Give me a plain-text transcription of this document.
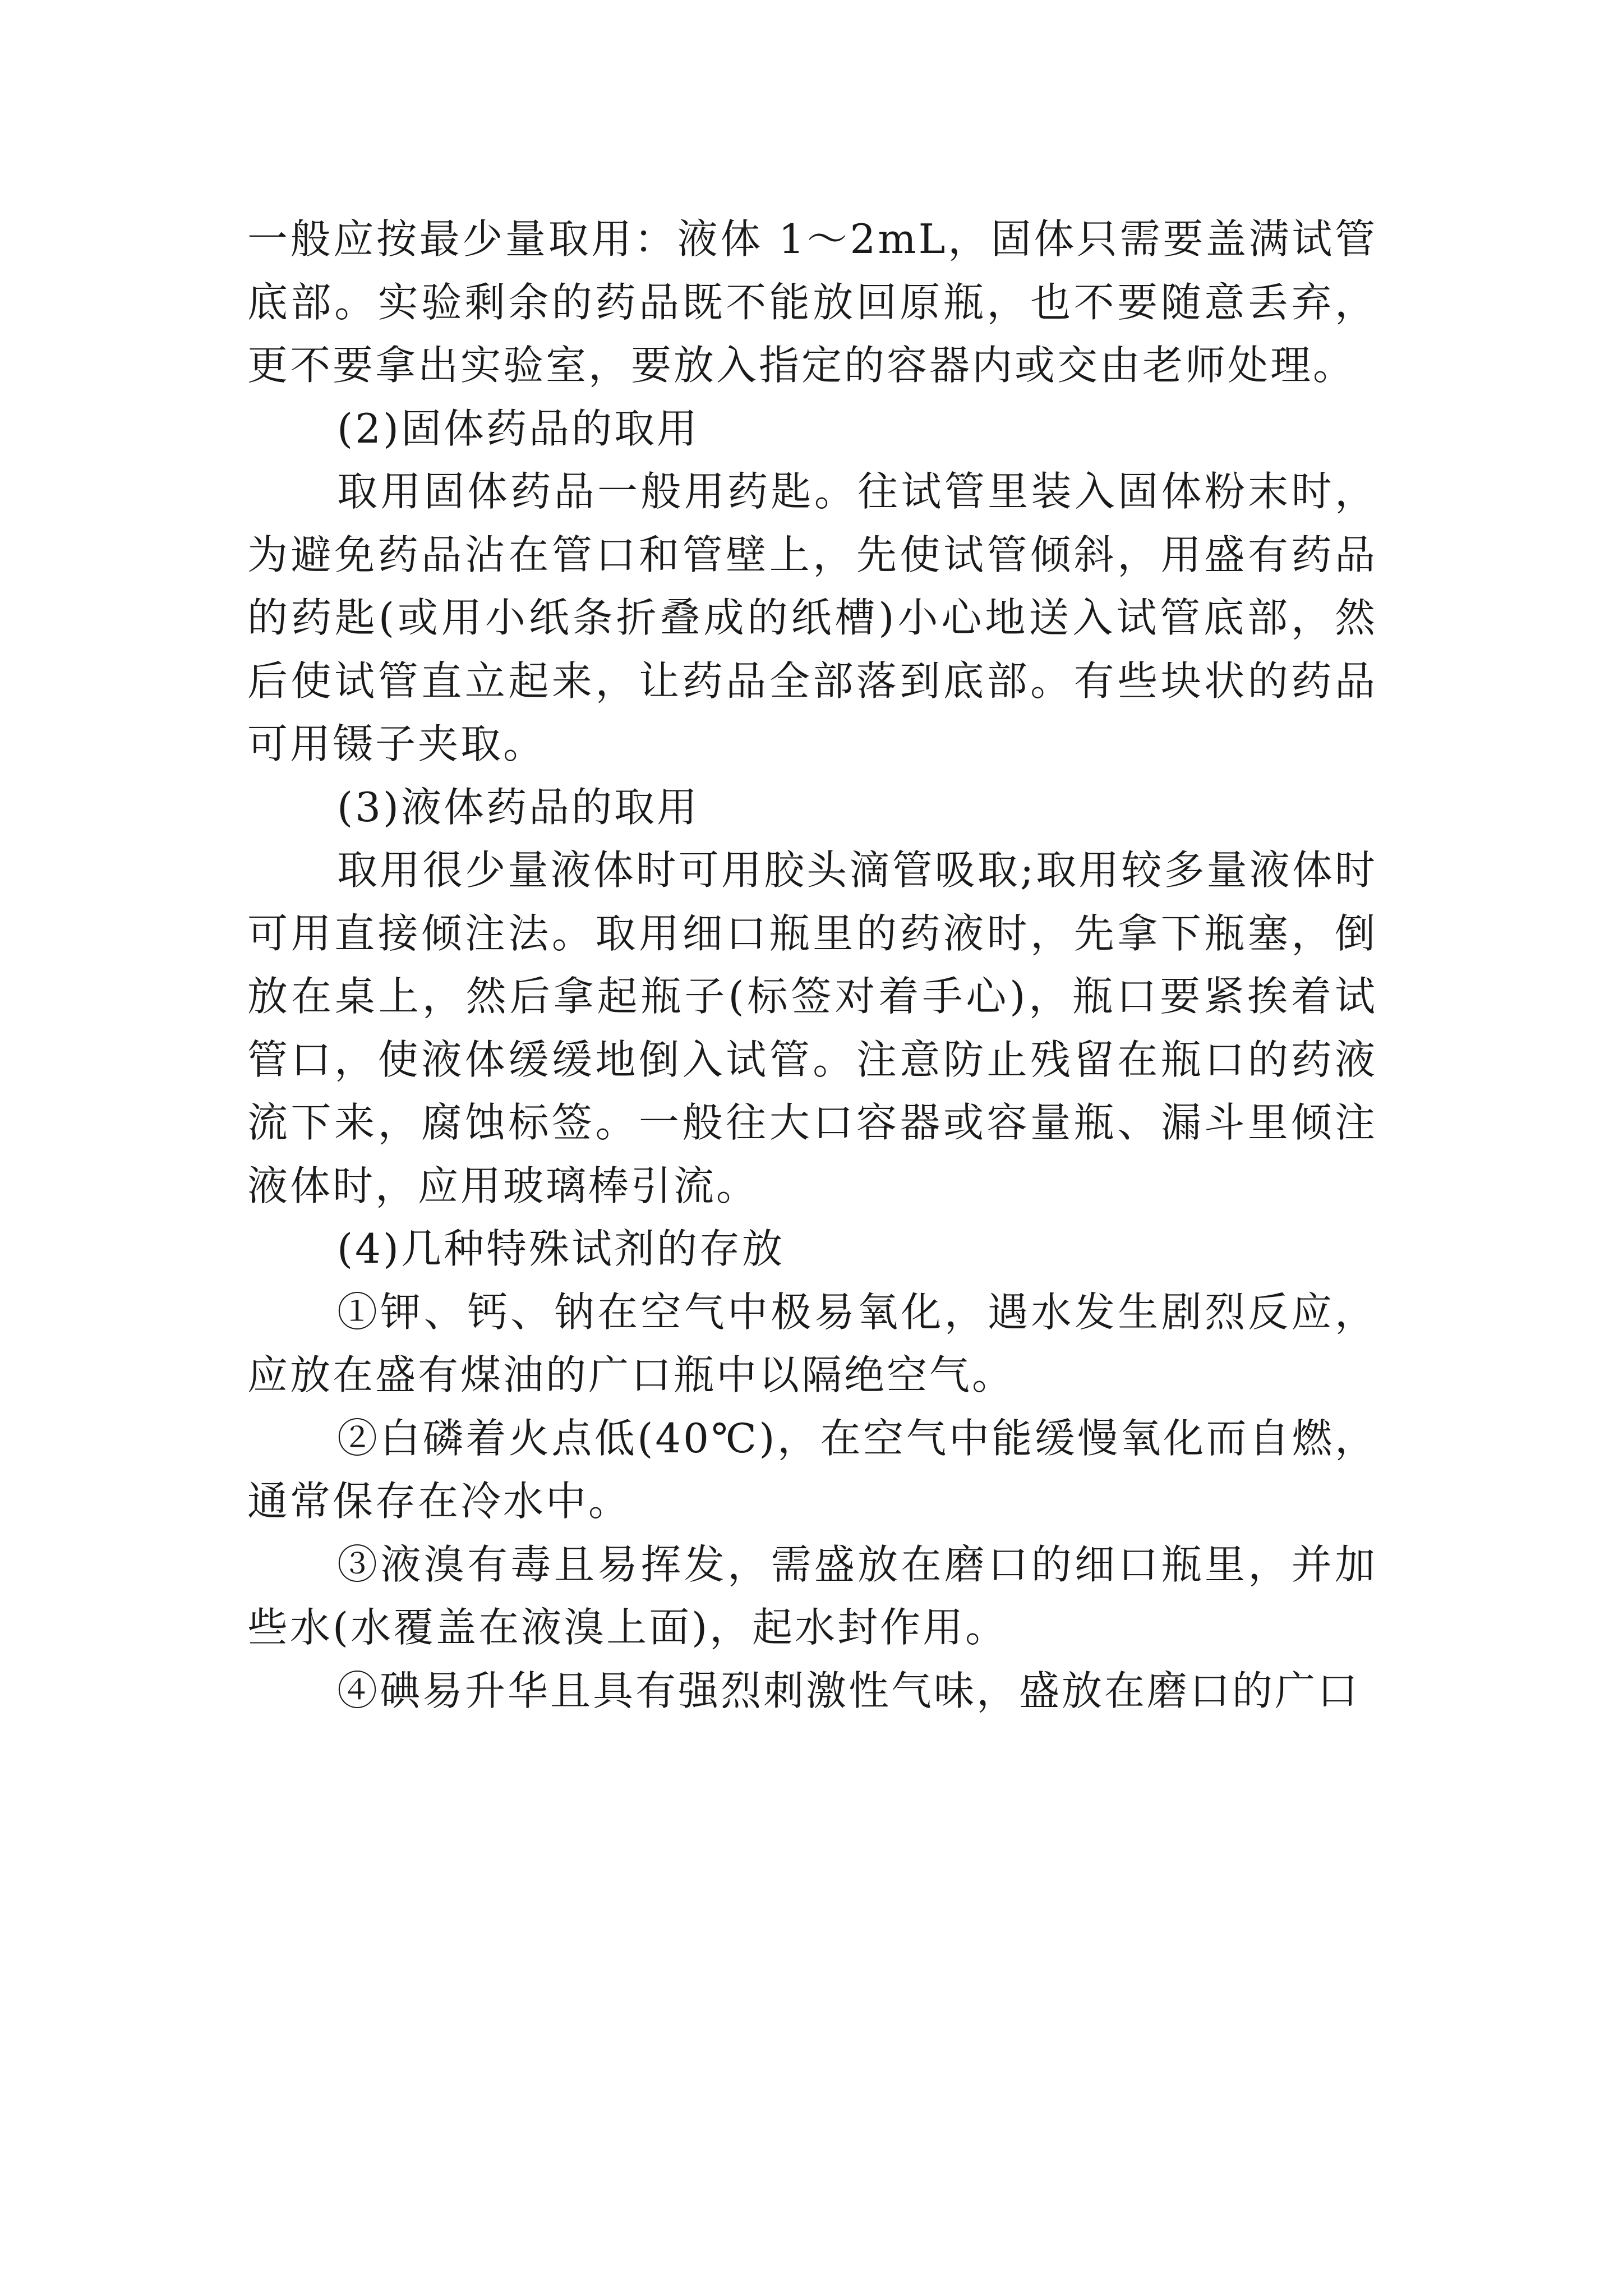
一般应按最少量取用：液体 1～2mL，固体只需要盖满试管底部。实验剩余的药品既不能放回原瓶，也不要随意丢弃，更不要拿出实验室，要放入指定的容器内或交由老师处理。

(2)固体药品的取用

取用固体药品一般用药匙。往试管里装入固体粉末时，为避免药品沾在管口和管壁上，先使试管倾斜，用盛有药品的药匙(或用小纸条折叠成的纸槽)小心地送入试管底部，然后使试管直立起来，让药品全部落到底部。有些块状的药品可用镊子夹取。

(3)液体药品的取用

取用很少量液体时可用胶头滴管吸取;取用较多量液体时可用直接倾注法。取用细口瓶里的药液时，先拿下瓶塞，倒放在桌上，然后拿起瓶子(标签对着手心)，瓶口要紧挨着试管口，使液体缓缓地倒入试管。注意防止残留在瓶口的药液流下来，腐蚀标签。一般往大口容器或容量瓶、漏斗里倾注液体时，应用玻璃棒引流。

(4)几种特殊试剂的存放

①钾、钙、钠在空气中极易氧化，遇水发生剧烈反应，应放在盛有煤油的广口瓶中以隔绝空气。

②白磷着火点低(40℃)，在空气中能缓慢氧化而自燃，通常保存在冷水中。

③液溴有毒且易挥发，需盛放在磨口的细口瓶里，并加些水(水覆盖在液溴上面)，起水封作用。

④碘易升华且具有强烈刺激性气味，盛放在磨口的广口
